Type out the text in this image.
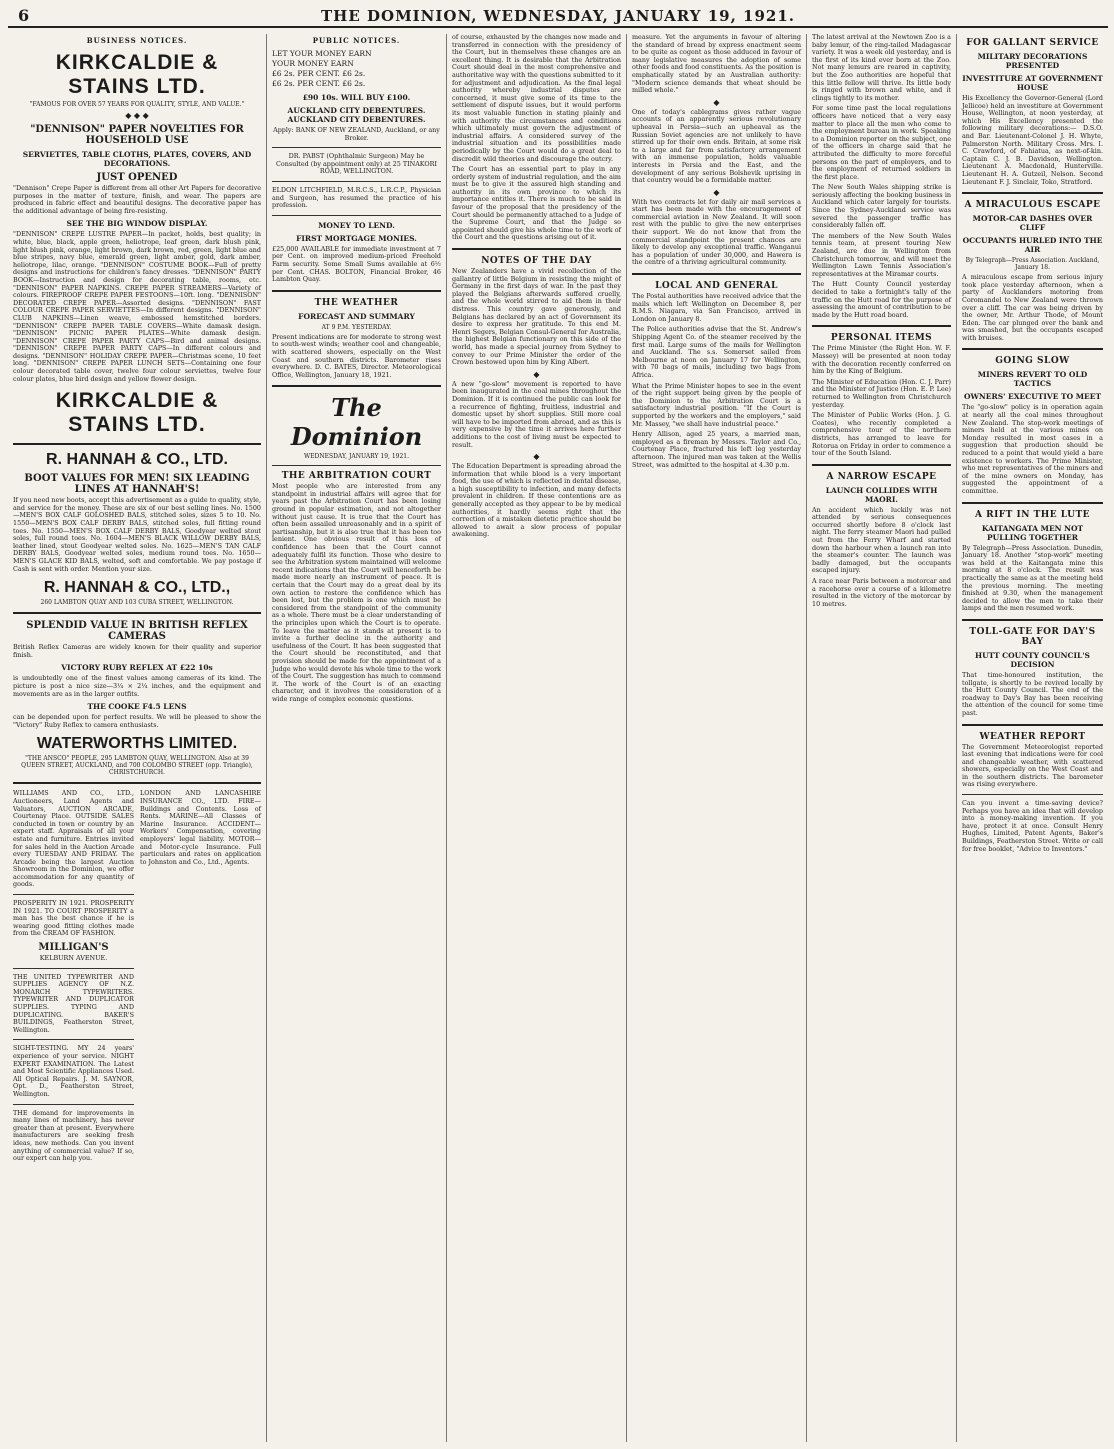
6	THE DOMINION, WEDNESDAY, JANUARY 19, 1921.
BUSINESS NOTICES.
KIRKCALDIE & STAINS LTD.
"FAMOUS FOR OVER 57 YEARS FOR QUALITY, STYLE, AND VALUE."
◆ ◆ ◆
"DENNISON" PAPER NOVELTIES FOR HOUSEHOLD USE
SERVIETTES, TABLE CLOTHS, PLATES, COVERS, AND DECORATIONS.
JUST OPENED
"Dennison" Crepe Paper is different from all other Art Papers for decorative purposes in the matter of texture, finish, and wear. The papers are produced in fabric effect and beautiful designs. The decorative paper has the additional advantage of being fire-resisting.
SEE THE BIG WINDOW DISPLAY.
"DENNISON" CREPE LUSTRE PAPER—In packet, holds, best quality; in white, blue, black, apple green, heliotrope, leaf green, dark blush pink, light blush pink, orange, light brown, dark brown, red, green, light blue and blue stripes, navy blue, emerald green, light amber, gold, dark amber, heliotrope, lilac, orange. "DENNISON" COSTUME BOOK—Full of pretty designs and instructions for children's fancy dresses. "DENNISON" PARTY BOOK—Instruction and design for decorating table, rooms, etc. "DENNISON" PAPER NAPKINS. CREPE PAPER STREAMERS—Variety of colours. FIREPROOF CREPE PAPER FESTOONS—10ft. long. "DENNISON" DECORATED CREPE PAPER—Assorted designs. "DENNISON" FAST COLOUR CREPE PAPER SERVIETTES—In different designs. "DENNISON" CLUB NAPKINS—Linen weave, embossed hemstitched borders. "DENNISON" CREPE PAPER TABLE COVERS—White damask design. "DENNISON" PICNIC PAPER PLATES—White damask design. "DENNISON" CREPE PAPER PARTY CAPS—Bird and animal designs. "DENNISON" CREPE PAPER PARTY CAPS—In different colours and designs. "DENNISON" HOLIDAY CREPE PAPER—Christmas scene, 10 feet long. "DENNISON" CREPE PAPER LUNCH SETS—Containing one four colour decorated table cover, twelve four colour serviettes, twelve four colour plates, blue bird design and yellow flower design.
KIRKCALDIE & STAINS LTD.
R. HANNAH & CO., LTD.
BOOT VALUES FOR MEN! SIX LEADING LINES AT HANNAH'S!
If you need new boots, accept this advertisement as a guide to quality, style, and service for the money. These are six of our best selling lines. No. 1500—MEN'S BOX CALF GOLOSHED BALS, stitched soles, sizes 5 to 10. No. 1550—MEN'S BOX CALF DERBY BALS, stitched soles, full fitting round toes. No. 1550—MEN'S BOX CALF DERBY BALS, Goodyear welted stout soles, full round toes. No. 1604—MEN'S BLACK WILLOW DERBY BALS, leather lined, stout Goodyear welted soles. No. 1625—MEN'S TAN CALF DERBY BALS, Goodyear welted soles, medium round toes. No. 1650—MEN'S GLACE KID BALS, welted, soft and comfortable. We pay postage if Cash is sent with order. Mention your size.
R. HANNAH & CO., LTD.,
260 LAMBTON QUAY AND 103 CUBA STREET, WELLINGTON.
SPLENDID VALUE IN BRITISH REFLEX CAMERAS
British Reflex Cameras are widely known for their quality and superior finish.
VICTORY RUBY REFLEX AT £22 10s
is undoubtedly one of the finest values among cameras of its kind. The picture is post a nice size—3¼ × 2¼ inches, and the equipment and movements are as in the larger outfits.
THE COOKE F4.5 LENS
can be depended upon for perfect results. We will be pleased to show the "Victory" Ruby Reflex to camera enthusiasts.
WATERWORTHS LIMITED.
"THE ANSCO" PEOPLE, 295 LAMBTON QUAY, WELLINGTON. Also at 39 QUEEN STREET, AUCKLAND, and 700 COLOMBO STREET (opp. Triangle), CHRISTCHURCH.
WILLIAMS AND CO., LTD., Auctioneers, Land Agents and Valuators, AUCTION ARCADE, Courtenay Place. OUTSIDE SALES conducted in town or country by an expert staff. Appraisals of all your estate and furniture. Entries invited for sales held in the Auction Arcade every TUESDAY AND FRIDAY. The Arcade being the largest Auction Showroom in the Dominion, we offer accommodation for any quantity of goods.
PROSPERITY IN 1921. PROSPERITY IN 1921. TO COURT PROSPERITY a man has the best chance if he is wearing good fitting clothes made from the CREAM OF FASHION.
MILLIGAN'S
KELBURN AVENUE.
THE UNITED TYPEWRITER AND SUPPLIES AGENCY OF N.Z. MONARCH TYPEWRITERS. TYPEWRITER AND DUPLICATOR SUPPLIES. TYPING AND DUPLICATING. BAKER'S BUILDINGS, Featherston Street, Wellington.
SIGHT-TESTING. MY 24 years' experience of your service. NIGHT EXPERT EXAMINATION. The Latest and Most Scientific Appliances Used. All Optical Repairs. J. M. SAYNOR, Opt. D., Featherston Street, Wellington.
THE demand for improvements in many lines of machinery, has never greater than at present. Everywhere manufacturers are seeking fresh ideas, new methods. Can you invent anything of commercial value? If so, our expert can help you.
LONDON AND LANCASHIRE INSURANCE CO., LTD. FIRE—Buildings and Contents. Loss of Rents. MARINE—All Classes of Marine Insurance. ACCIDENT—Workers' Compensation, covering employers' legal liability. MOTOR—and Motor-cycle Insurance. Full particulars and rates on application to Johnston and Co., Ltd., Agents.
PUBLIC NOTICES.
LET YOUR MONEY EARN
YOUR MONEY EARN
£6 2s. PER CENT. £6 2s.
£6 2s. PER CENT. £6 2s.
£90 10s. WILL BUY £100.
AUCKLAND CITY DEBENTURES. AUCKLAND CITY DEBENTURES.
Apply: BANK OF NEW ZEALAND, Auckland, or any Broker.
DR. PABST (Ophthalmic Surgeon) May be Consulted (by appointment only) at 25 TINAKORI ROAD, WELLINGTON.
ELDON LITCHFIELD, M.R.C.S., L.R.C.P., Physician and Surgeon, has resumed the practice of his profession.
MONEY TO LEND.
FIRST MORTGAGE MONIES.
£25,000 AVAILABLE for immediate investment at 7 per Cent. on improved medium-priced Freehold Farm security. Some Small Sums available at 6½ per Cent. CHAS. BOLTON, Financial Broker, 46 Lambton Quay.
THE WEATHER
FORECAST AND SUMMARY
AT 9 P.M. YESTERDAY.
Present indications are for moderate to strong west to south-west winds; weather cool and changeable, with scattered showers, especially on the West Coast and southern districts. Barometer rises everywhere. D. C. BATES, Director. Meteorological Office, Wellington, January 18, 1921.
The Dominion
WEDNESDAY, JANUARY 19, 1921.
THE ARBITRATION COURT
Most people who are interested from any standpoint in industrial affairs will agree that for years past the Arbitration Court has been losing ground in popular estimation, and not altogether without just cause. It is true that the Court has often been assailed unreasonably and in a spirit of partisanship, but it is also true that it has been too lenient. One obvious result of this loss of confidence has been that the Court cannot adequately fulfil its function. Those who desire to see the Arbitration system maintained will welcome recent indications that the Court will henceforth be made more nearly an instrument of peace. It is certain that the Court may do a great deal by its own action to restore the confidence which has been lost, but the problem is one which must be considered from the standpoint of the community as a whole. There must be a clear understanding of the principles upon which the Court is to operate. To leave the matter as it stands at present is to invite a further decline in the authority and usefulness of the Court. It has been suggested that the Court should be reconstituted, and that provision should be made for the appointment of a Judge who would devote his whole time to the work of the Court. The suggestion has much to commend it. The work of the Court is of an exacting character, and it involves the consideration of a wide range of complex economic questions.
of course, exhausted by the changes now made and transferred in connection with the presidency of the Court, but in themselves these changes are an excellent thing. It is desirable that the Arbitration Court should deal in the most comprehensive and authoritative way with the questions submitted to it for adjustment and adjudication. As the final legal authority whereby industrial disputes are concerned, it must give some of its time to the settlement of dispute issues, but it would perform its most valuable function in stating plainly and with authority the circumstances and conditions which ultimately must govern the adjustment of industrial affairs. A considered survey of the industrial situation and its possibilities made periodically by the Court would do a great deal to discredit wild theories and discourage the outcry.
The Court has an essential part to play in any orderly system of industrial regulation, and the aim must be to give it the assured high standing and authority in its own province to which its importance entitles it. There is much to be said in favour of the proposal that the presidency of the Court should be permanently attached to a Judge of the Supreme Court, and that the Judge so appointed should give his whole time to the work of the Court and the questions arising out of it.
NOTES OF THE DAY
New Zealanders have a vivid recollection of the gallantry of little Belgium in resisting the might of Germany in the first days of war. In the past they played the Belgians afterwards suffered cruelly, and the whole world stirred to aid them in their distress. This country gave generously, and Belgians has declared by an act of Government its desire to express her gratitude. To this end M. Henri Segers, Belgian Consul-General for Australia, the highest Belgian functionary on this side of the world, has made a special journey from Sydney to convey to our Prime Minister the order of the Crown bestowed upon him by King Albert.
◆
A new "go-slow" movement is reported to have been inaugurated in the coal mines throughout the Dominion. If it is continued the public can look for a recurrence of fighting, fruitless, industrial and domestic upset by short supplies. Still more coal will have to be imported from abroad, and as this is very expensive by the time it arrives here further additions to the cost of living must be expected to result.
◆
The Education Department is spreading abroad the information that while blood is a very important food, the use of which is reflected in dental disease, a high susceptibility to infection, and many defects prevalent in children. If these contentions are as generally accepted as they appear to be by medical authorities, it hardly seems right that the correction of a mistaken dietetic practice should be allowed to await a slow process of popular awakening.
measure. Yet the arguments in favour of altering the standard of bread by express enactment seem to be quite as cogent as those adduced in favour of many legislative measures the adoption of some other foods and food constituents. As the position is emphatically stated by an Australian authority: "Modern science demands that wheat should be milled whole."
◆
One of today's cablegrams gives rather vague accounts of an apparently serious revolutionary upheaval in Persia—such an upheaval as the Russian Soviet agencies are not unlikely to have stirred up for their own ends. Britain, at some risk to a large and far from satisfactory arrangement with an immense population, holds valuable interests in Persia and the East, and the development of any serious Bolshevik uprising in that country would be a formidable matter.
◆
With two contracts let for daily air mail services a start has been made with the encouragement of commercial aviation in New Zealand. It will soon rest with the public to give the new enterprises their support. We do not know that from the commercial standpoint the present chances are likely to develop any exceptional traffic. Wanganui has a population of under 30,000, and Hawera is the centre of a thriving agricultural community.
LOCAL AND GENERAL
The Postal authorities have received advice that the mails which left Wellington on December 8, per R.M.S. Niagara, via San Francisco, arrived in London on January 8.
The Police authorities advise that the St. Andrew's Shipping Agent Co. of the steamer received by the first mail. Large sums of the mails for Wellington and Auckland. The s.s. Somerset sailed from Melbourne at noon on January 17 for Wellington, with 70 bags of mails, including two bags from Africa.
What the Prime Minister hopes to see in the event of the right support being given by the people of the Dominion to the Arbitration Court is a satisfactory industrial position. "If the Court is supported by the workers and the employers," said Mr. Massey, "we shall have industrial peace."
Henry Allison, aged 25 years, a married man, employed as a fireman by Messrs. Taylor and Co., Courtenay Place, fractured his left leg yesterday afternoon. The injured man was taken at the Wellis Street, was admitted to the hospital at 4.30 p.m.
The latest arrival at the Newtown Zoo is a baby lemur, of the ring-tailed Madagascar variety. It was a week old yesterday, and is the first of its kind ever born at the Zoo. Not many lemurs are reared in captivity, but the Zoo authorities are hopeful that this little fellow will thrive. Its little body is ringed with brown and white, and it clings tightly to its mother.
For some time past the local regulations officers have noticed that a very easy matter to place all the men who come to the employment bureau in work. Speaking to a Dominion reporter on the subject, one of the officers in charge said that he attributed the difficulty to more forceful persons on the part of employers, and to the employment of returned soldiers in the first place.
The New South Wales shipping strike is seriously affecting the booking business in Auckland which cater largely for tourists. Since the Sydney-Auckland service was severed the passenger traffic has considerably fallen off.
The members of the New South Wales tennis team, at present touring New Zealand, are due in Wellington from Christchurch tomorrow, and will meet the Wellington Lawn Tennis Association's representatives at the Miramar courts.
The Hutt County Council yesterday decided to take a fortnight's tally of the traffic on the Hutt road for the purpose of assessing the amount of contribution to be made by the Hutt road board.
PERSONAL ITEMS
The Prime Minister (the Right Hon. W. F. Massey) will be presented at noon today with the decoration recently conferred on him by the King of Belgium.
The Minister of Education (Hon. C. J. Parr) and the Minister of Justice (Hon. E. P. Lee) returned to Wellington from Christchurch yesterday.
The Minister of Public Works (Hon. J. G. Coates), who recently completed a comprehensive tour of the northern districts, has arranged to leave for Rotorua on Friday in order to commence a tour of the South Island.
A NARROW ESCAPE
LAUNCH COLLIDES WITH MAORI.
An accident which luckily was not attended by serious consequences occurred shortly before 8 o'clock last night. The ferry steamer Maori had pulled out from the Ferry Wharf and started down the harbour when a launch ran into the steamer's counter. The launch was badly damaged, but the occupants escaped injury.
A race near Paris between a motorcar and a racehorse over a course of a kilometre resulted in the victory of the motorcar by 10 metres.
FOR GALLANT SERVICE
MILITARY DECORATIONS PRESENTED
INVESTITURE AT GOVERNMENT HOUSE
His Excellency the Governor-General (Lord Jellicoe) held an investiture at Government House, Wellington, at noon yesterday, at which His Excellency presented the following military decorations:— D.S.O. and Bar. Lieutenant-Colonel J. H. Whyte, Palmerston North. Military Cross. Mrs. I. C. Crawford, of Fahiatua, as next-of-kin. Captain C. J. B. Davidson, Wellington. Lieutenant A. Macdonald, Hunterville. Lieutenant H. A. Gutzeil, Nelson. Second Lieutenant F. J. Sinclair, Toko, Stratford.
A MIRACULOUS ESCAPE
MOTOR-CAR DASHES OVER CLIFF
OCCUPANTS HURLED INTO THE AIR
By Telegraph—Press Association. Auckland, January 18.
A miraculous escape from serious injury took place yesterday afternoon, when a party of Aucklanders motoring from Coromandel to New Zealand were thrown over a cliff. The car was being driven by the owner, Mr. Arthur Thode, of Mount Eden. The car plunged over the bank and was smashed, but the occupants escaped with bruises.
GOING SLOW
MINERS REVERT TO OLD TACTICS
OWNERS' EXECUTIVE TO MEET
The "go-slow" policy is in operation again at nearly all the coal mines throughout New Zealand. The stop-work meetings of miners held at the various mines on Monday resulted in most cases in a suggestion that production should be reduced to a point that would yield a bare existence to workers. The Prime Minister, who met representatives of the miners and of the mine owners on Monday, has suggested the appointment of a committee.
A RIFT IN THE LUTE
KAITANGATA MEN NOT PULLING TOGETHER
By Telegraph—Press Association. Dunedin, January 18. Another "stop-work" meeting was held at the Kaitangata mine this morning at 8 o'clock. The result was practically the same as at the meeting held the previous morning. The meeting finished at 9.30, when the management decided to allow the men to take their lamps and the men resumed work.
TOLL-GATE FOR DAY'S BAY
HUTT COUNTY COUNCIL'S DECISION
That time-honoured institution, the tollgate, is shortly to be revived locally by the Hutt County Council. The end of the roadway to Day's Bay has been receiving the attention of the council for some time past.
WEATHER REPORT
The Government Meteorologist reported last evening that indications were for cool and changeable weather, with scattered showers, especially on the West Coast and in the southern districts. The barometer was rising everywhere.
Can you invent a time-saving device? Perhaps you have an idea that will develop into a money-making invention. If you have, protect it at once. Consult Henry Hughes, Limited, Patent Agents, Baker's Buildings, Featherston Street. Write or call for free booklet, "Advice to Inventors."
